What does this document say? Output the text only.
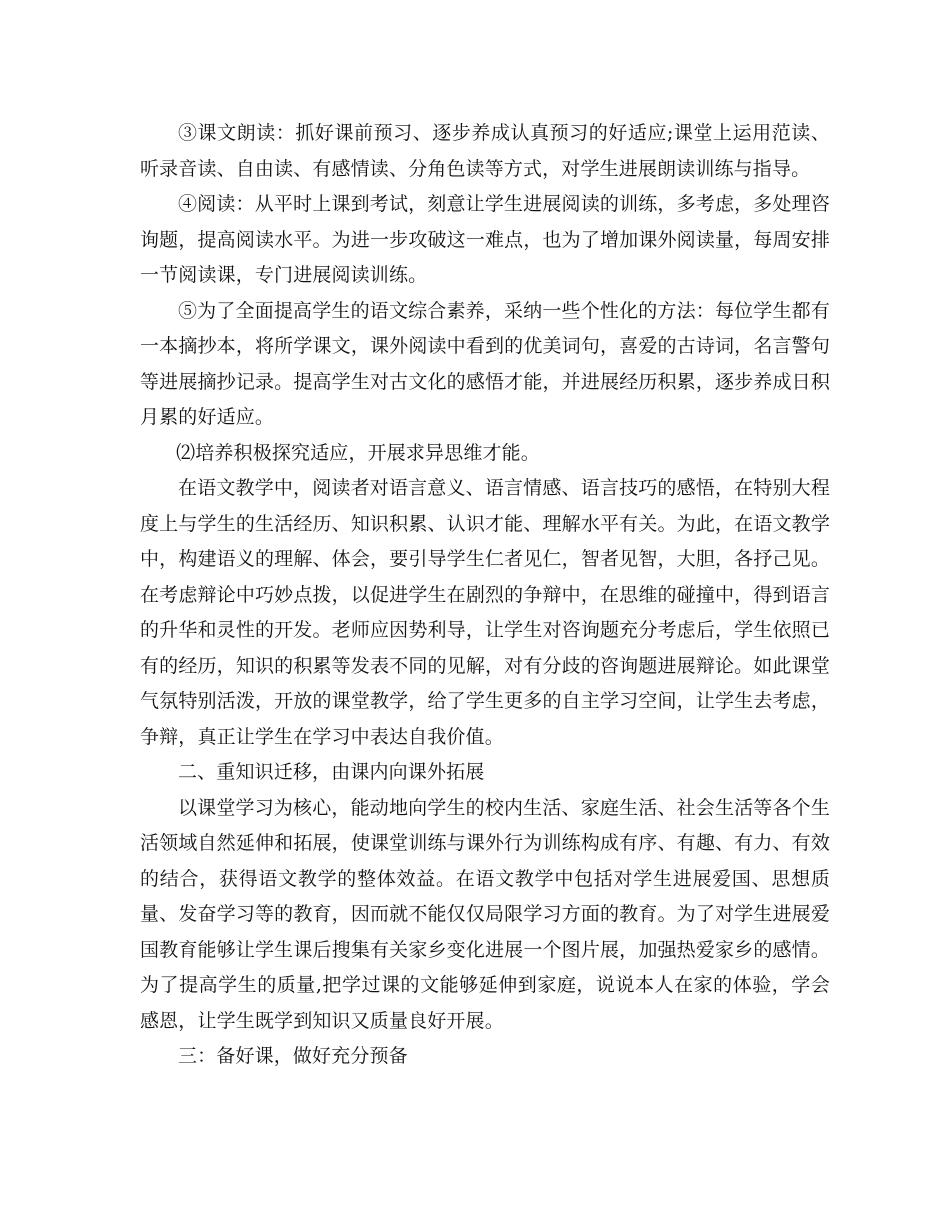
③课文朗读：抓好课前预习、逐步养成认真预习的好适应;课堂上运用范读、听录音读、自由读、有感情读、分角色读等方式，对学生进展朗读训练与指导。

④阅读：从平时上课到考试，刻意让学生进展阅读的训练，多考虑，多处理咨询题，提高阅读水平。为进一步攻破这一难点，也为了增加课外阅读量，每周安排一节阅读课，专门进展阅读训练。

⑤为了全面提高学生的语文综合素养，采纳一些个性化的方法：每位学生都有一本摘抄本，将所学课文，课外阅读中看到的优美词句，喜爱的古诗词，名言警句等进展摘抄记录。提高学生对古文化的感悟才能，并进展经历积累，逐步养成日积月累的好适应。

⑵培养积极探究适应，开展求异思维才能。

在语文教学中，阅读者对语言意义、语言情感、语言技巧的感悟，在特别大程度上与学生的生活经历、知识积累、认识才能、理解水平有关。为此，在语文教学中，构建语义的理解、体会，要引导学生仁者见仁，智者见智，大胆，各抒己见。在考虑辩论中巧妙点拨，以促进学生在剧烈的争辩中，在思维的碰撞中，得到语言的升华和灵性的开发。老师应因势利导，让学生对咨询题充分考虑后，学生依照已有的经历，知识的积累等发表不同的见解，对有分歧的咨询题进展辩论。如此课堂气氛特别活泼，开放的课堂教学，给了学生更多的自主学习空间，让学生去考虑，争辩，真正让学生在学习中表达自我价值。

二、重知识迁移，由课内向课外拓展

以课堂学习为核心，能动地向学生的校内生活、家庭生活、社会生活等各个生活领域自然延伸和拓展，使课堂训练与课外行为训练构成有序、有趣、有力、有效的结合，获得语文教学的整体效益。在语文教学中包括对学生进展爱国、思想质量、发奋学习等的教育，因而就不能仅仅局限学习方面的教育。为了对学生进展爱国教育能够让学生课后搜集有关家乡变化进展一个图片展，加强热爱家乡的感情。为了提高学生的质量,把学过课的文能够延伸到家庭，说说本人在家的体验，学会感恩，让学生既学到知识又质量良好开展。

三：备好课，做好充分预备
